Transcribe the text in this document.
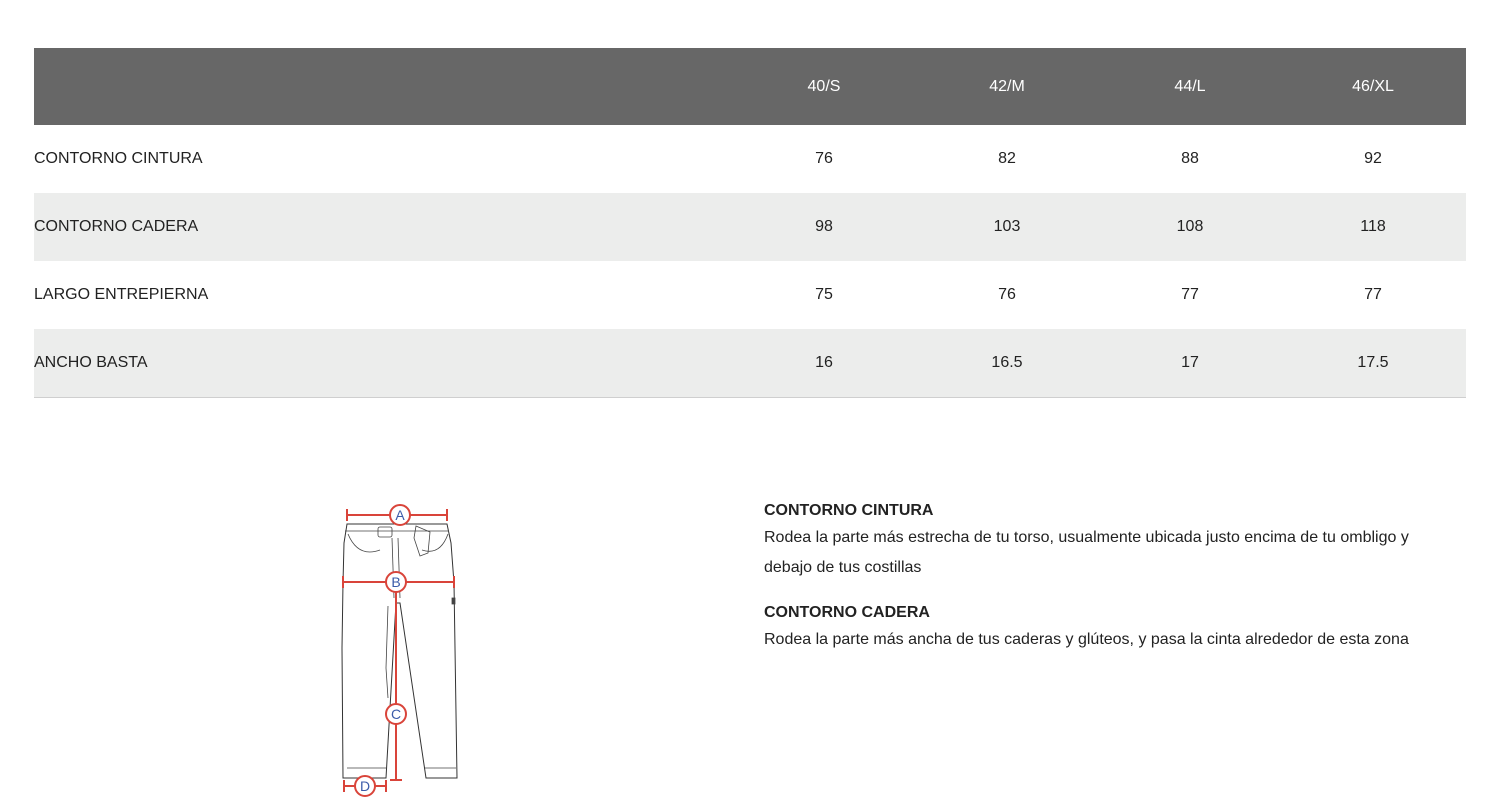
	40/S	42/M	44/L	46/XL
CONTORNO CINTURA	76	82	88	92
CONTORNO CADERA	98	103	108	118
LARGO ENTREPIERNA	75	76	77	77
ANCHO BASTA	16	16.5	17	17.5
A
B
C
D
CONTORNO CINTURA
Rodea la parte más estrecha de tu torso, usualmente ubicada justo encima de tu ombligo y debajo de tus costillas
CONTORNO CADERA
Rodea la parte más ancha de tus caderas y glúteos, y pasa la cinta alrededor de esta zona
